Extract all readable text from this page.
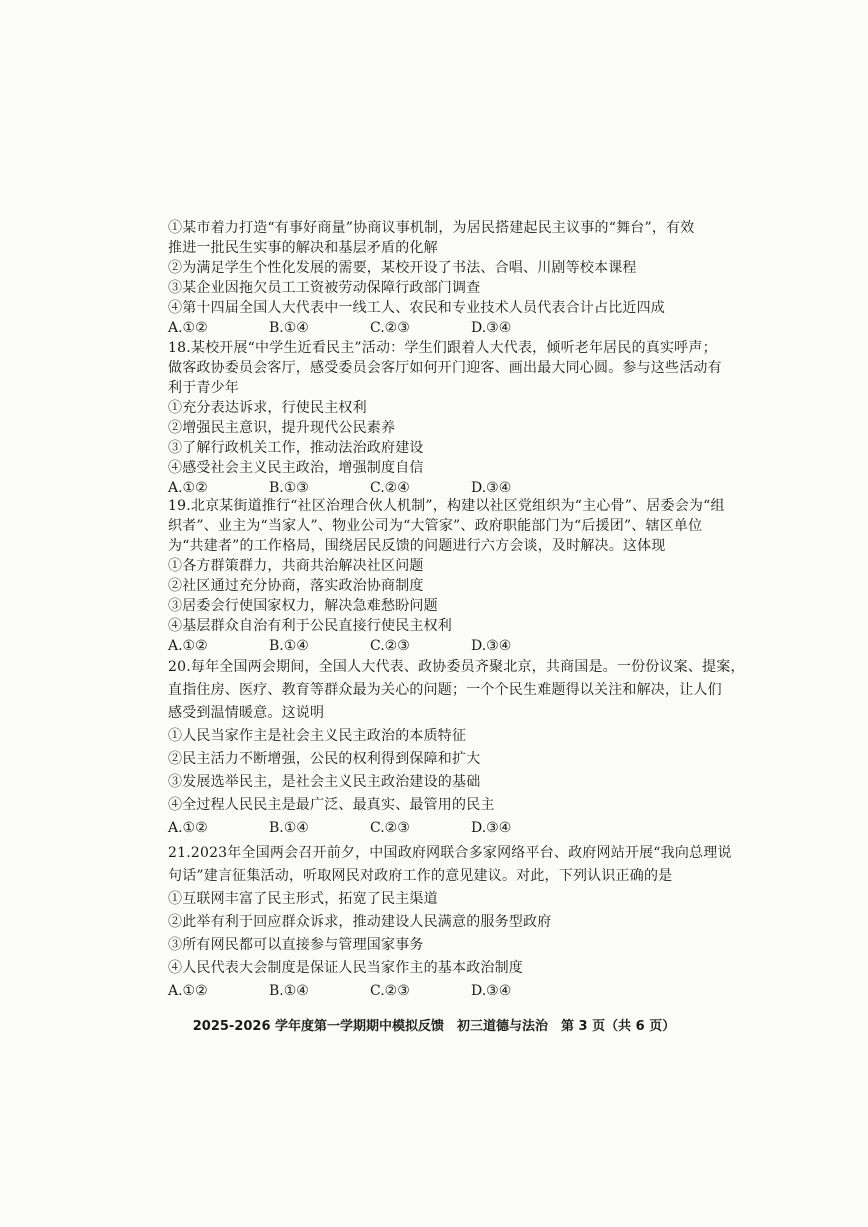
①某市着力打造“有事好商量”协商议事机制，为居民搭建起民主议事的“舞台”，有效
推进一批民生实事的解决和基层矛盾的化解
②为满足学生个性化发展的需要，某校开设了书法、合唱、川剧等校本课程
③某企业因拖欠员工工资被劳动保障行政部门调查
④第十四届全国人大代表中一线工人、农民和专业技术人员代表合计占比近四成
A.①②	B.①④	C.②③	D.③④
18.某校开展“中学生近看民主”活动：学生们跟着人大代表，倾听老年居民的真实呼声；
做客政协委员会客厅，感受委员会客厅如何开门迎客、画出最大同心圆。参与这些活动有
利于青少年
①充分表达诉求，行使民主权利
②增强民主意识，提升现代公民素养
③了解行政机关工作，推动法治政府建设
④感受社会主义民主政治，增强制度自信
A.①②	B.①③	C.②④	D.③④
19.北京某街道推行“社区治理合伙人机制”，构建以社区党组织为“主心骨”、居委会为“组
织者”、业主为“当家人”、物业公司为“大管家”、政府职能部门为“后援团”、辖区单位
为“共建者”的工作格局，围绕居民反馈的问题进行六方会谈，及时解决。这体现
①各方群策群力，共商共治解决社区问题
②社区通过充分协商，落实政治协商制度
③居委会行使国家权力，解决急难愁盼问题
④基层群众自治有利于公民直接行使民主权利
A.①②	B.①④	C.②③	D.③④
20.每年全国两会期间，全国人大代表、政协委员齐聚北京，共商国是。一份份议案、提案，
直指住房、医疗、教育等群众最为关心的问题；一个个民生难题得以关注和解决，让人们
感受到温情暖意。这说明
①人民当家作主是社会主义民主政治的本质特征
②民主活力不断增强，公民的权利得到保障和扩大
③发展选举民主，是社会主义民主政治建设的基础
④全过程人民民主是最广泛、最真实、最管用的民主
A.①②	B.①④	C.②③	D.③④
21.2023年全国两会召开前夕，中国政府网联合多家网络平台、政府网站开展“我向总理说
句话”建言征集活动，听取网民对政府工作的意见建议。对此，下列认识正确的是
①互联网丰富了民主形式，拓宽了民主渠道
②此举有利于回应群众诉求，推动建设人民满意的服务型政府
③所有网民都可以直接参与管理国家事务
④人民代表大会制度是保证人民当家作主的基本政治制度
A.①②	B.①④	C.②③	D.③④
2025-2026 学年度第一学期期中模拟反馈　初三道德与法治　第 3 页（共 6 页）
